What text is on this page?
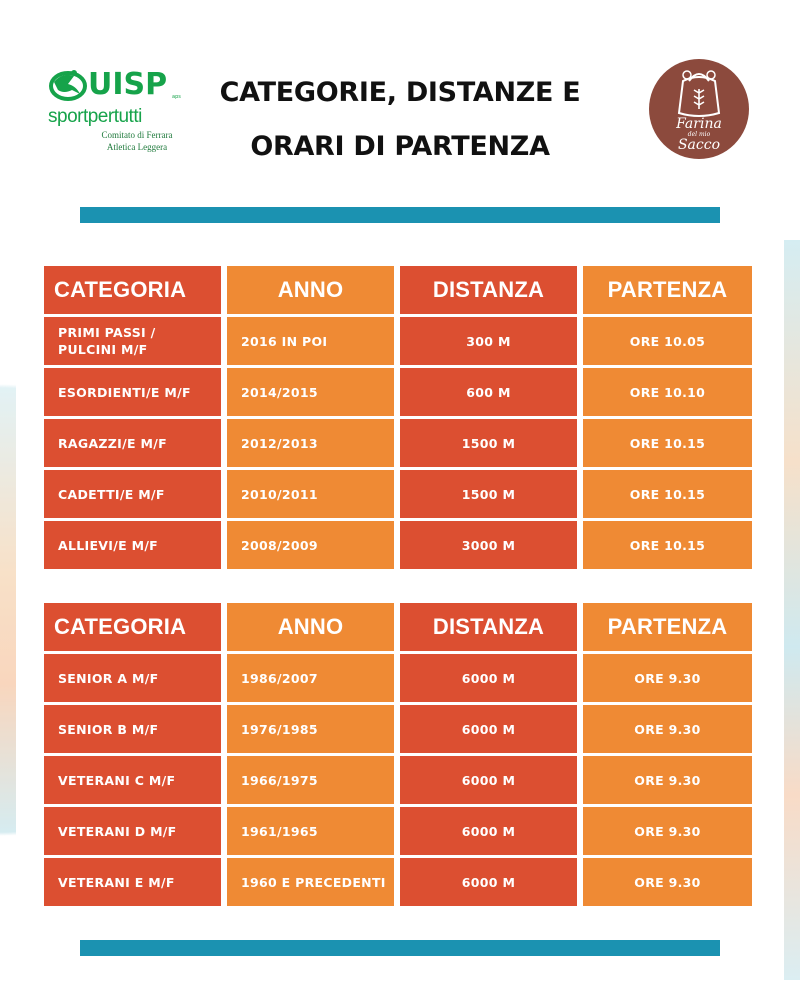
UISP aps
sportpertutti
Comitato di Ferrara
Atletica Leggera
CATEGORIE, DISTANZE E
ORARI DI PARTENZA
Farina
del mio
Sacco
CATEGORIA	ANNO	DISTANZA	PARTENZA
PRIMI PASSI /
PULCINI M/F
2016 IN POI	300 M	ORE 10.05
ESORDIENTI/E M/F	2014/2015	600 M	ORE 10.10
RAGAZZI/E M/F	2012/2013	1500 M	ORE 10.15
CADETTI/E M/F	2010/2011	1500 M	ORE 10.15
ALLIEVI/E M/F	2008/2009	3000 M	ORE 10.15
CATEGORIA	ANNO	DISTANZA	PARTENZA
SENIOR A M/F	1986/2007	6000 M	ORE 9.30
SENIOR B M/F	1976/1985	6000 M	ORE 9.30
VETERANI C M/F	1966/1975	6000 M	ORE 9.30
VETERANI D M/F	1961/1965	6000 M	ORE 9.30
VETERANI E M/F	1960 E PRECEDENTI	6000 M	ORE 9.30
